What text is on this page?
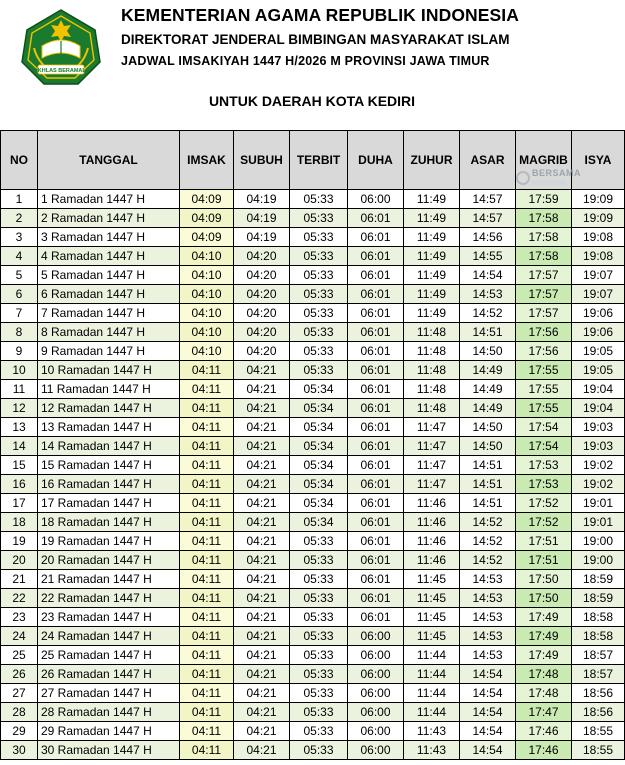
IKHLAS BERAMAL
KEMENTERIAN AGAMA REPUBLIK INDONESIA
DIREKTORAT JENDERAL BIMBINGAN MASYARAKAT ISLAM
JADWAL IMSAKIYAH 1447 H/2026 M PROVINSI JAWA TIMUR
UNTUK DAERAH KOTA KEDIRI
NO	TANGGAL	IMSAK	SUBUH	TERBIT	DUHA	ZUHUR	ASAR	MAGRIB	ISYA
1	1 Ramadan 1447 H	04:09	04:19	05:33	06:00	11:49	14:57	17:59	19:09
2	2 Ramadan 1447 H	04:09	04:19	05:33	06:01	11:49	14:57	17:58	19:09
3	3 Ramadan 1447 H	04:09	04:19	05:33	06:01	11:49	14:56	17:58	19:08
4	4 Ramadan 1447 H	04:10	04:20	05:33	06:01	11:49	14:55	17:58	19:08
5	5 Ramadan 1447 H	04:10	04:20	05:33	06:01	11:49	14:54	17:57	19:07
6	6 Ramadan 1447 H	04:10	04:20	05:33	06:01	11:49	14:53	17:57	19:07
7	7 Ramadan 1447 H	04:10	04:20	05:33	06:01	11:49	14:52	17:57	19:06
8	8 Ramadan 1447 H	04:10	04:20	05:33	06:01	11:48	14:51	17:56	19:06
9	9 Ramadan 1447 H	04:10	04:20	05:33	06:01	11:48	14:50	17:56	19:05
10	10 Ramadan 1447 H	04:11	04:21	05:33	06:01	11:48	14:49	17:55	19:05
11	11 Ramadan 1447 H	04:11	04:21	05:34	06:01	11:48	14:49	17:55	19:04
12	12 Ramadan 1447 H	04:11	04:21	05:34	06:01	11:48	14:49	17:55	19:04
13	13 Ramadan 1447 H	04:11	04:21	05:34	06:01	11:47	14:50	17:54	19:03
14	14 Ramadan 1447 H	04:11	04:21	05:34	06:01	11:47	14:50	17:54	19:03
15	15 Ramadan 1447 H	04:11	04:21	05:34	06:01	11:47	14:51	17:53	19:02
16	16 Ramadan 1447 H	04:11	04:21	05:34	06:01	11:47	14:51	17:53	19:02
17	17 Ramadan 1447 H	04:11	04:21	05:34	06:01	11:46	14:51	17:52	19:01
18	18 Ramadan 1447 H	04:11	04:21	05:34	06:01	11:46	14:52	17:52	19:01
19	19 Ramadan 1447 H	04:11	04:21	05:33	06:01	11:46	14:52	17:51	19:00
20	20 Ramadan 1447 H	04:11	04:21	05:33	06:01	11:46	14:52	17:51	19:00
21	21 Ramadan 1447 H	04:11	04:21	05:33	06:01	11:45	14:53	17:50	18:59
22	22 Ramadan 1447 H	04:11	04:21	05:33	06:01	11:45	14:53	17:50	18:59
23	23 Ramadan 1447 H	04:11	04:21	05:33	06:01	11:45	14:53	17:49	18:58
24	24 Ramadan 1447 H	04:11	04:21	05:33	06:00	11:45	14:53	17:49	18:58
25	25 Ramadan 1447 H	04:11	04:21	05:33	06:00	11:44	14:53	17:49	18:57
26	26 Ramadan 1447 H	04:11	04:21	05:33	06:00	11:44	14:54	17:48	18:57
27	27 Ramadan 1447 H	04:11	04:21	05:33	06:00	11:44	14:54	17:48	18:56
28	28 Ramadan 1447 H	04:11	04:21	05:33	06:00	11:44	14:54	17:47	18:56
29	29 Ramadan 1447 H	04:11	04:21	05:33	06:00	11:43	14:54	17:46	18:55
30	30 Ramadan 1447 H	04:11	04:21	05:33	06:00	11:43	14:54	17:46	18:55
BERSAMA
